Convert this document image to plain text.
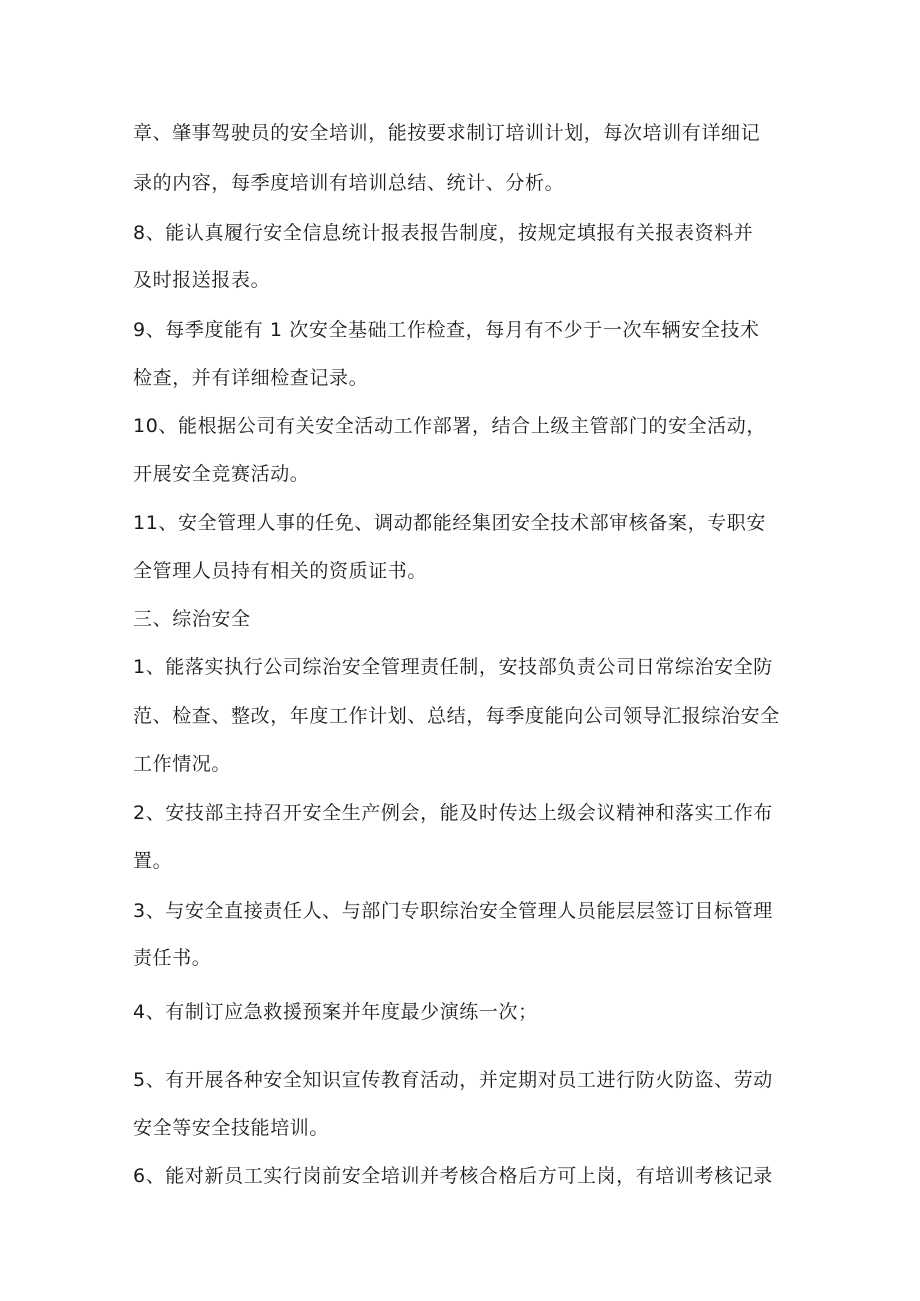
章、肇事驾驶员的安全培训，能按要求制订培训计划，每次培训有详细记
录的内容，每季度培训有培训总结、统计、分析。
8、能认真履行安全信息统计报表报告制度，按规定填报有关报表资料并
及时报送报表。
9、每季度能有 1 次安全基础工作检查，每月有不少于一次车辆安全技术
检查，并有详细检查记录。
10、能根据公司有关安全活动工作部署，结合上级主管部门的安全活动，
开展安全竞赛活动。
11、安全管理人事的任免、调动都能经集团安全技术部审核备案，专职安
全管理人员持有相关的资质证书。
三、综治安全
1、能落实执行公司综治安全管理责任制，安技部负责公司日常综治安全防
范、检查、整改，年度工作计划、总结，每季度能向公司领导汇报综治安全
工作情况。
2、安技部主持召开安全生产例会，能及时传达上级会议精神和落实工作布
置。
3、与安全直接责任人、与部门专职综治安全管理人员能层层签订目标管理
责任书。
4、有制订应急救援预案并年度最少演练一次；
5、有开展各种安全知识宣传教育活动，并定期对员工进行防火防盗、劳动
安全等安全技能培训。
6、能对新员工实行岗前安全培训并考核合格后方可上岗，有培训考核记录
